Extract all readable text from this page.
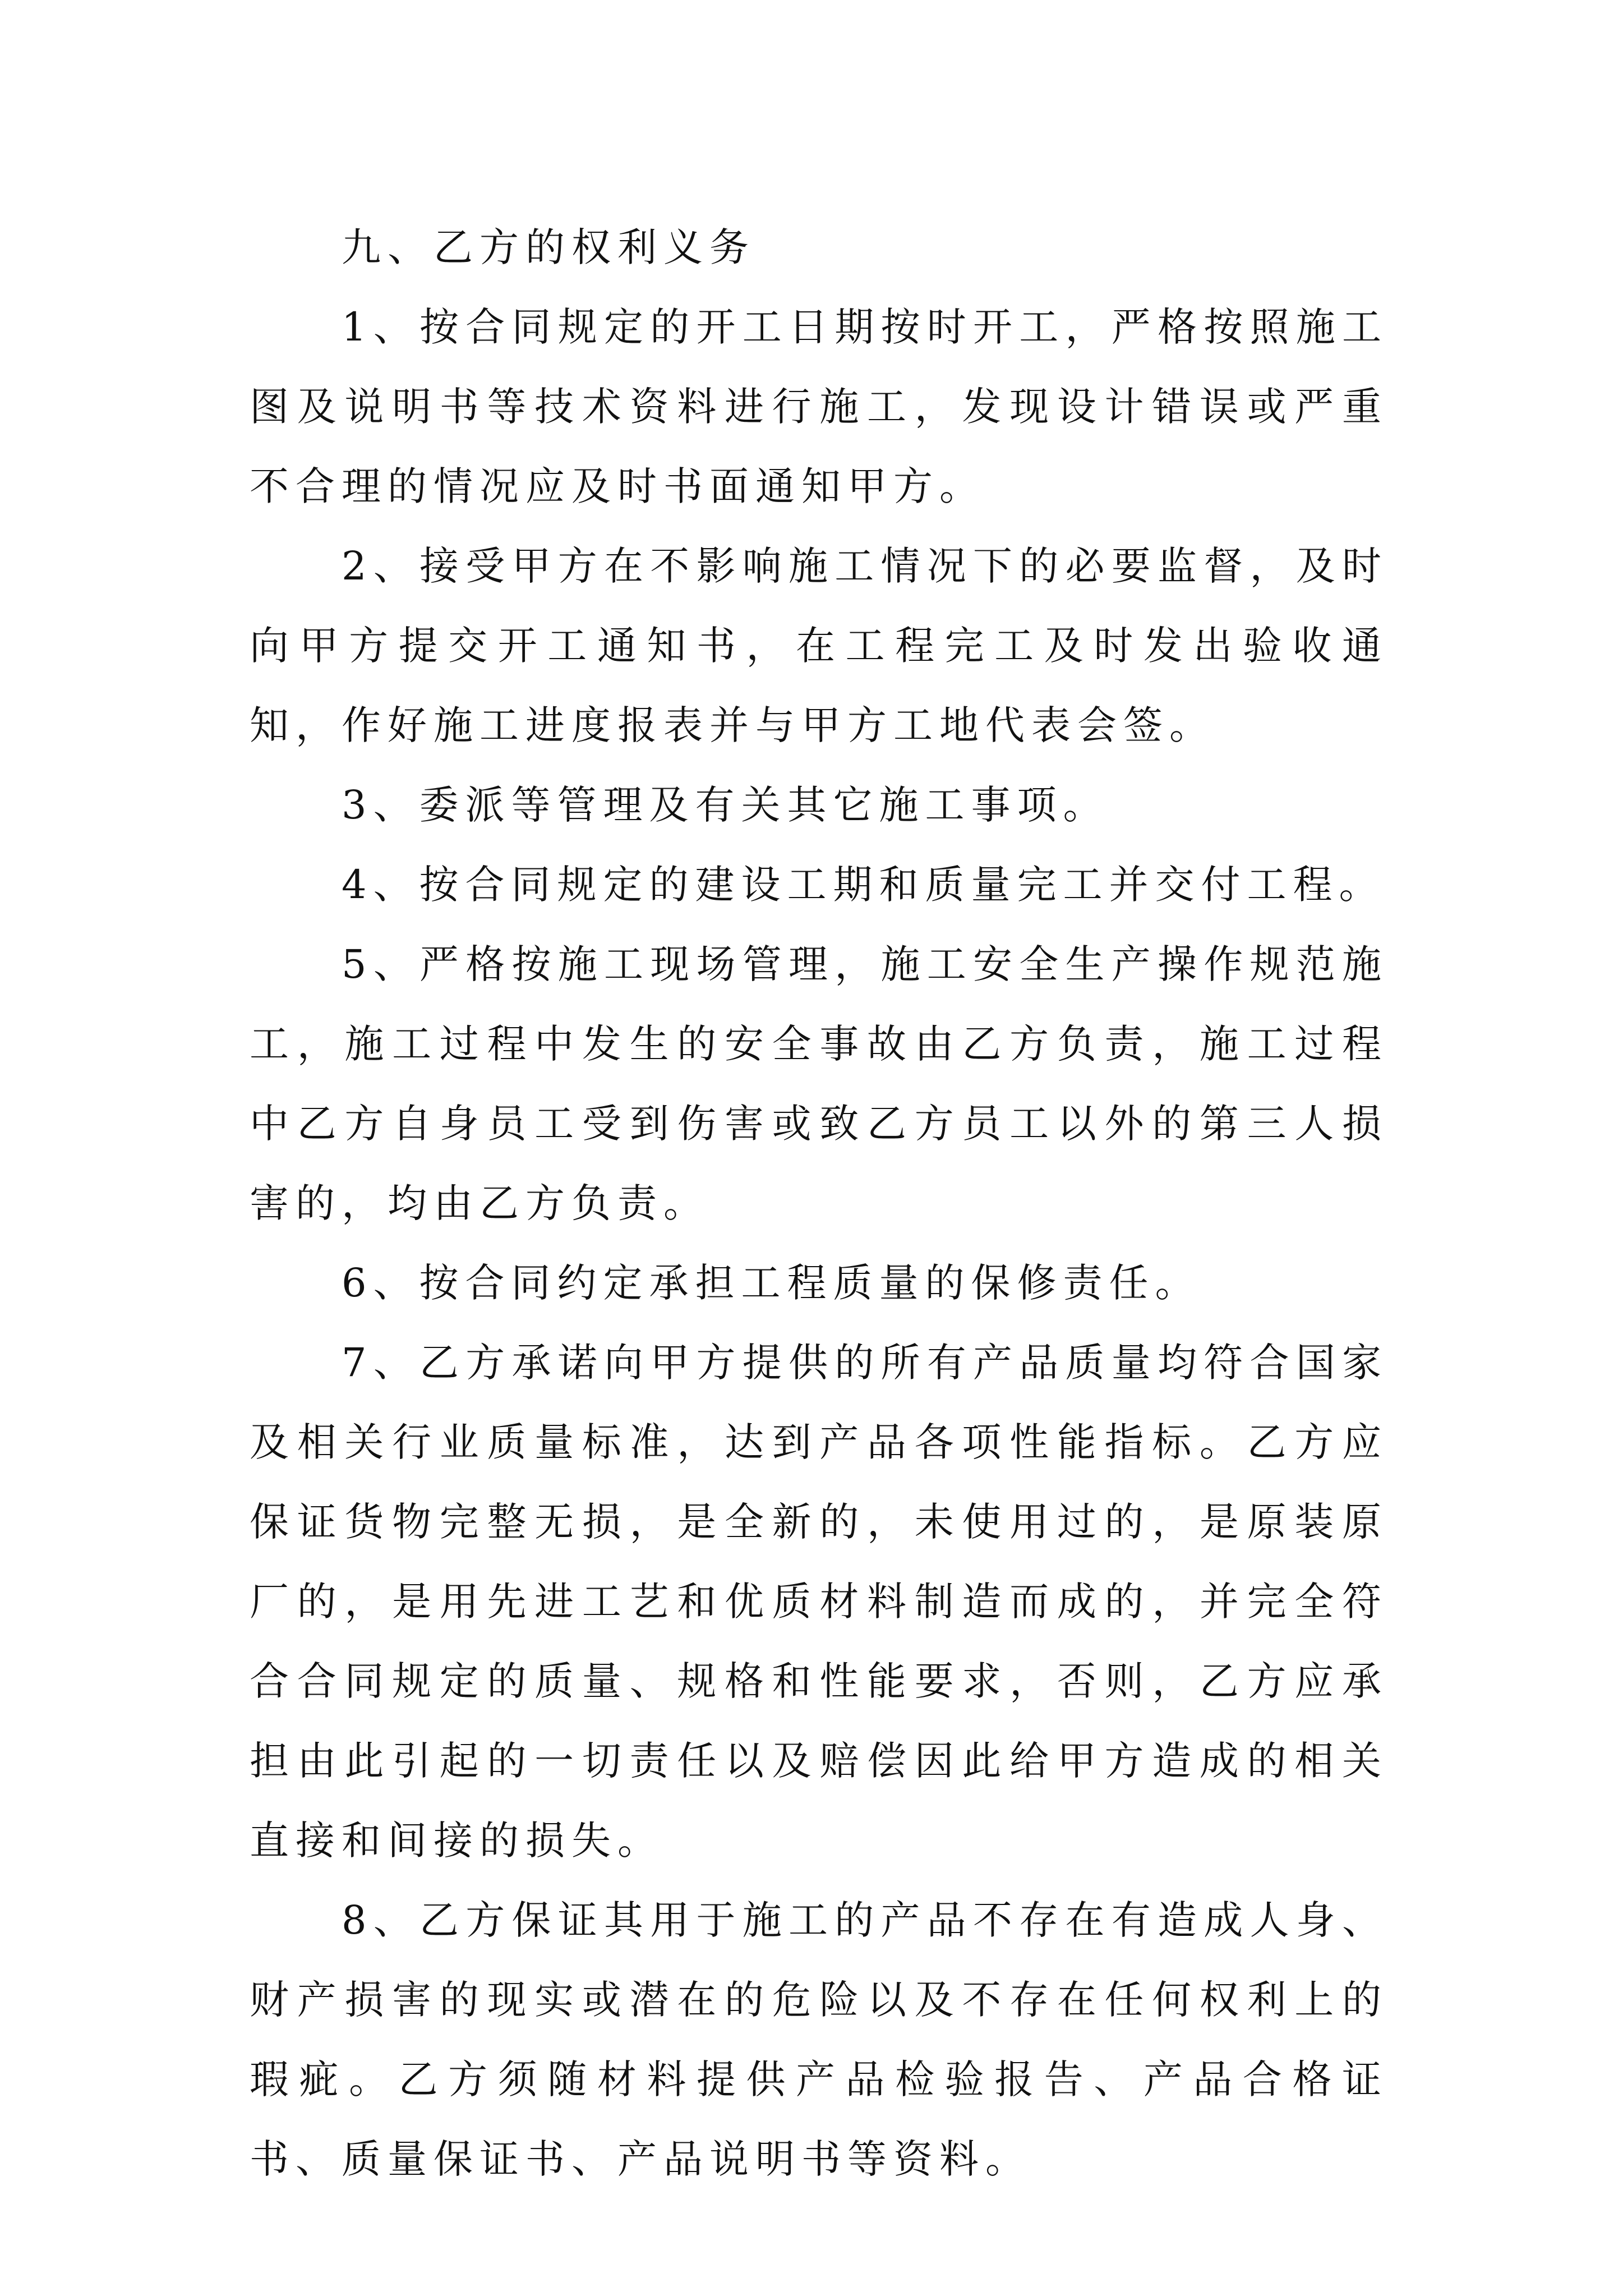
九、乙方的权利义务

1、按合同规定的开工日期按时开工，严格按照施工图及说明书等技术资料进行施工，发现设计错误或严重不合理的情况应及时书面通知甲方。

2、接受甲方在不影响施工情况下的必要监督，及时向甲方提交开工通知书，在工程完工及时发出验收通知，作好施工进度报表并与甲方工地代表会签。

3、委派等管理及有关其它施工事项。

4、按合同规定的建设工期和质量完工并交付工程。

5、严格按施工现场管理，施工安全生产操作规范施工，施工过程中发生的安全事故由乙方负责，施工过程中乙方自身员工受到伤害或致乙方员工以外的第三人损害的，均由乙方负责。

6、按合同约定承担工程质量的保修责任。

7、乙方承诺向甲方提供的所有产品质量均符合国家及相关行业质量标准，达到产品各项性能指标。乙方应保证货物完整无损，是全新的，未使用过的，是原装原厂的，是用先进工艺和优质材料制造而成的，并完全符合合同规定的质量、规格和性能要求，否则，乙方应承担由此引起的一切责任以及赔偿因此给甲方造成的相关直接和间接的损失。

8、乙方保证其用于施工的产品不存在有造成人身、财产损害的现实或潜在的危险以及不存在任何权利上的瑕疵。乙方须随材料提供产品检验报告、产品合格证书、质量保证书、产品说明书等资料。
